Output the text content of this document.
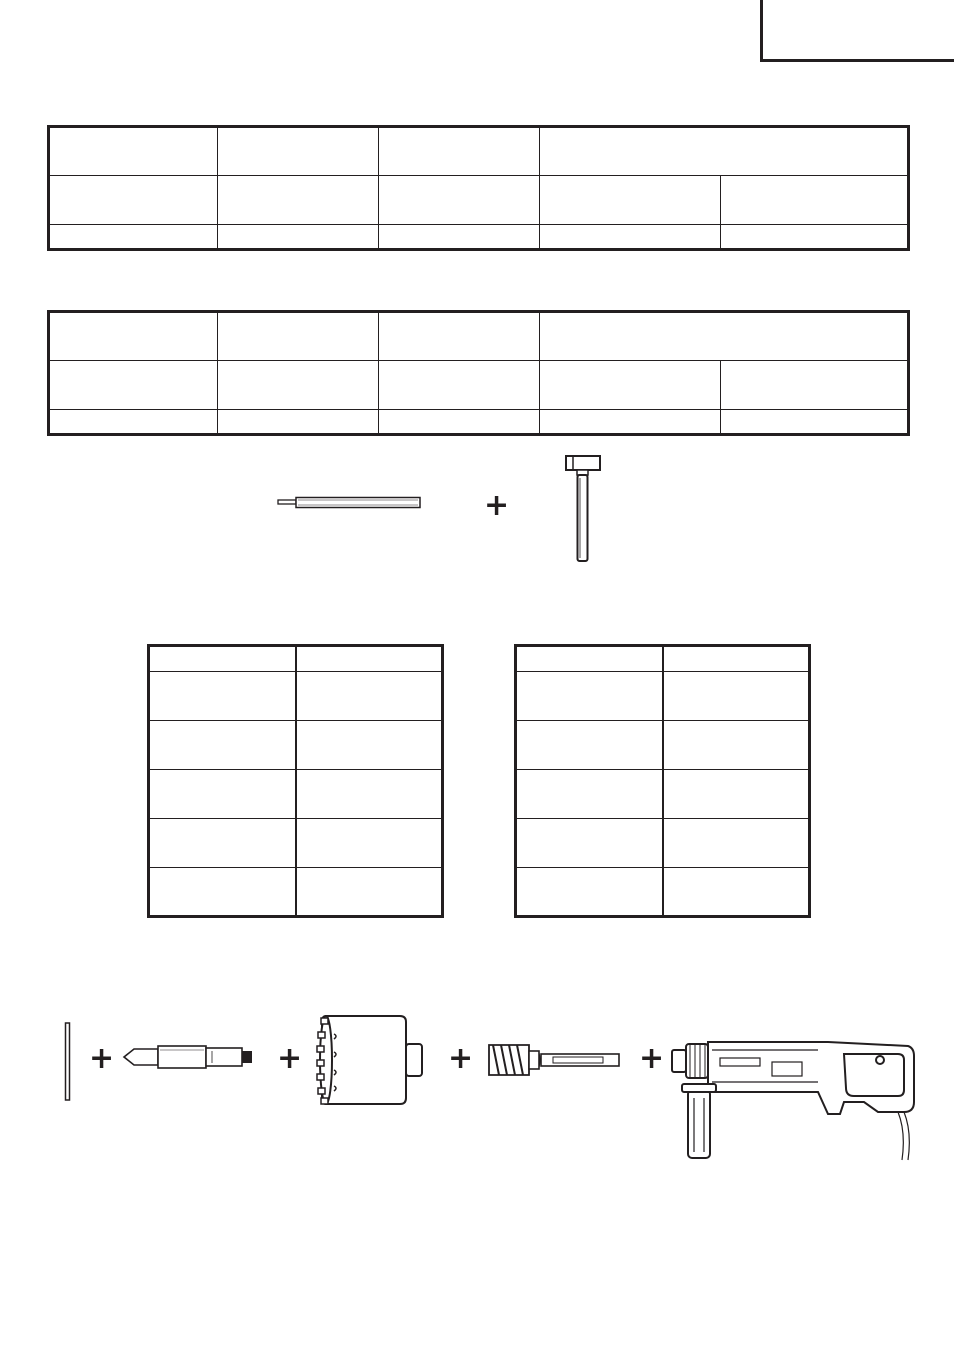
+

+	+	+	+
